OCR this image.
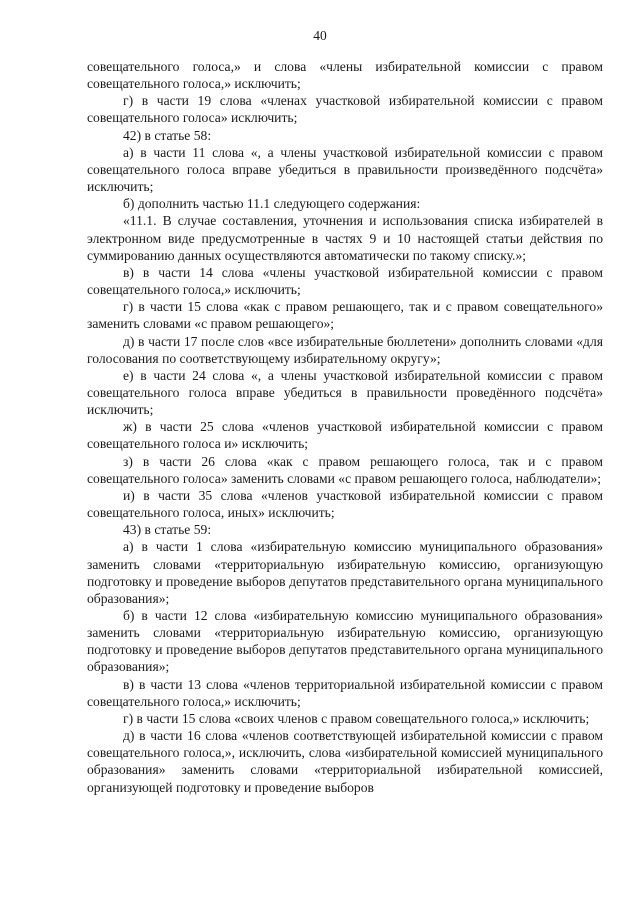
40

совещательного голоса,» и слова «члены избирательной комиссии с правом совещательного голоса,» исключить;

г) в части 19 слова «членах участковой избирательной комиссии с правом совещательного голоса» исключить;

42) в статье 58:

а) в части 11 слова «, а члены участковой избирательной комиссии с правом совещательного голоса вправе убедиться в правильности произведённого подсчёта» исключить;

б) дополнить частью 11.1 следующего содержания:

«11.1. В случае составления, уточнения и использования списка избирателей в электронном виде предусмотренные в частях 9 и 10 настоящей статьи действия по суммированию данных осуществляются автоматически по такому списку.»;

в) в части 14 слова «члены участковой избирательной комиссии с правом совещательного голоса,» исключить;

г) в части 15 слова «как с правом решающего, так и с правом совещательного» заменить словами «с правом решающего»;

д) в части 17 после слов «все избирательные бюллетени» дополнить словами «для голосования по соответствующему избирательному округу»;

е) в части 24 слова «, а члены участковой избирательной комиссии с правом совещательного голоса вправе убедиться в правильности проведённого подсчёта» исключить;

ж) в части 25 слова «членов участковой избирательной комиссии с правом совещательного голоса и» исключить;

з) в части 26 слова «как с правом решающего голоса, так и с правом совещательного голоса» заменить словами «с правом решающего голоса, наблюдатели»;

и) в части 35 слова «членов участковой избирательной комиссии с правом совещательного голоса, иных» исключить;

43) в статье 59:

а) в части 1 слова «избирательную комиссию муниципального образования» заменить словами «территориальную избирательную комиссию, организующую подготовку и проведение выборов депутатов представительного органа муниципального образования»;

б) в части 12 слова «избирательную комиссию муниципального образования» заменить словами «территориальную избирательную комиссию, организующую подготовку и проведение выборов депутатов представительного органа муниципального образования»;

в) в части 13 слова «членов территориальной избирательной комиссии с правом совещательного голоса,» исключить;

г) в части 15 слова «своих членов с правом совещательного голоса,» исключить;

д) в части 16 слова «членов соответствующей избирательной комиссии с правом совещательного голоса,», исключить, слова «избирательной комиссией муниципального образования» заменить словами «территориальной избирательной комиссией, организующей подготовку и проведение выборов
